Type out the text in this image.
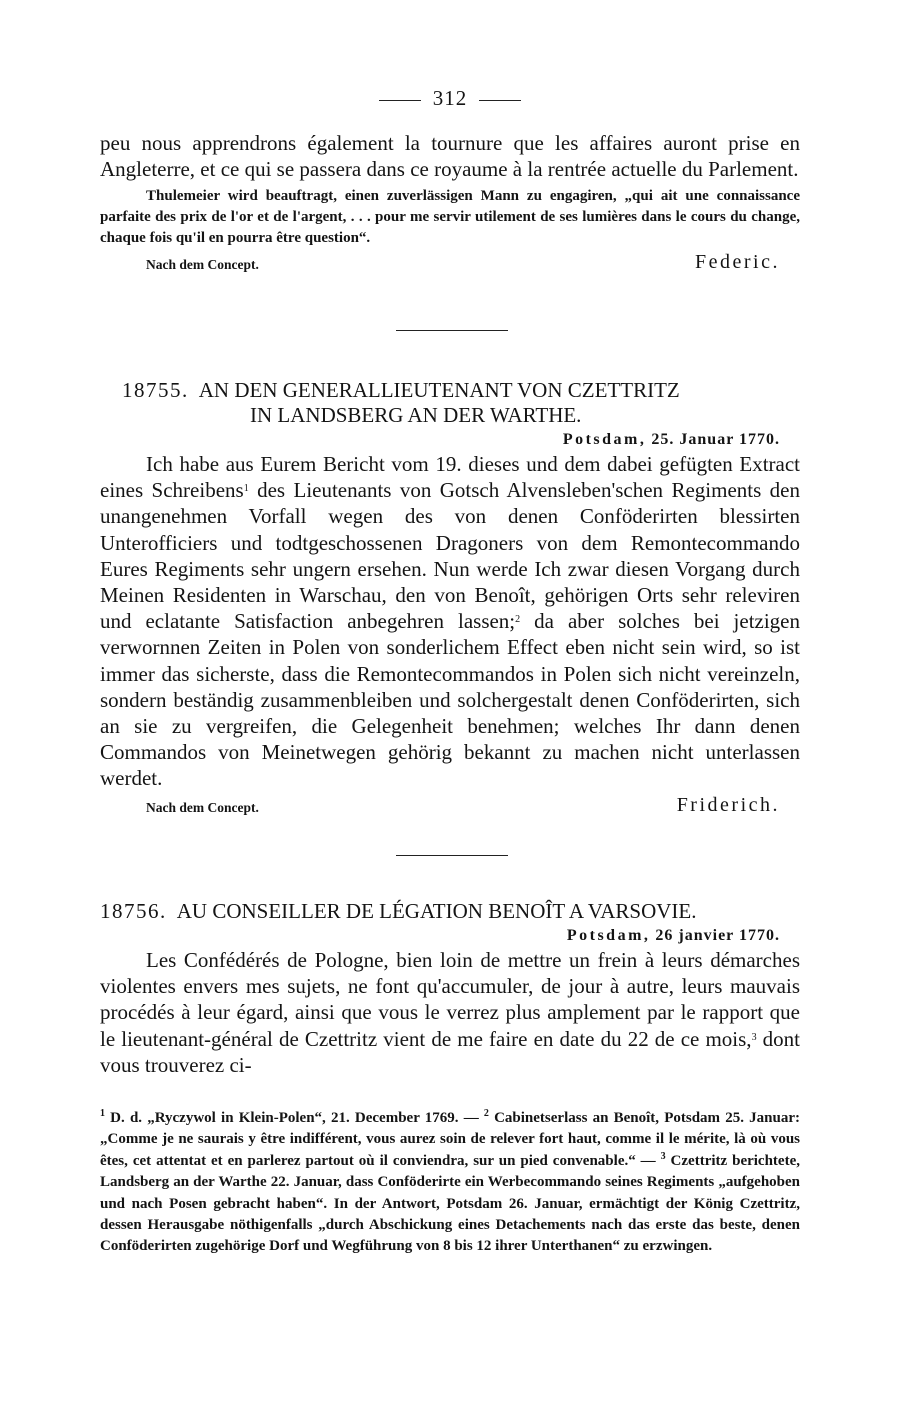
312

peu nous apprendrons également la tournure que les affaires auront prise en Angleterre, et ce qui se passera dans ce royaume à la rentrée actuelle du Parlement.

Thulemeier wird beauftragt, einen zuverlässigen Mann zu engagiren, „qui ait une connaissance parfaite des prix de l'or et de l'argent, . . . pour me servir utilement de ses lumières dans le cours du change, chaque fois qu'il en pourra être question“.

Nach dem Concept.	Federic.

18755. AN DEN GENERALLIEUTENANT VON CZETTRITZ

IN LANDSBERG AN DER WARTHE.

Potsdam, 25. Januar 1770.

Ich habe aus Eurem Bericht vom 19. dieses und dem dabei gefügten Extract eines Schreibens$^1$ des Lieutenants von Gotsch Alvensleben'schen Regiments den unangenehmen Vorfall wegen des von denen Conföderirten blessirten Unterofficiers und todtgeschossenen Dragoners von dem Remontecommando Eures Regiments sehr ungern ersehen. Nun werde Ich zwar diesen Vorgang durch Meinen Residenten in Warschau, den von Benoît, gehörigen Orts sehr releviren und eclatante Satisfaction anbegehren lassen;$^2$ da aber solches bei jetzigen verwornnen Zeiten in Polen von sonderlichem Effect eben nicht sein wird, so ist immer das sicherste, dass die Remontecommandos in Polen sich nicht vereinzeln, sondern beständig zusammenbleiben und solchergestalt denen Conföderirten, sich an sie zu vergreifen, die Gelegenheit benehmen; welches Ihr dann denen Commandos von Meinetwegen gehörig bekannt zu machen nicht unterlassen werdet.

Nach dem Concept.	Friderich.

18756. AU CONSEILLER DE LÉGATION BENOÎT A VARSOVIE.

Potsdam, 26 janvier 1770.

Les Confédérés de Pologne, bien loin de mettre un frein à leurs démarches violentes envers mes sujets, ne font qu'accumuler, de jour à autre, leurs mauvais procédés à leur égard, ainsi que vous le verrez plus amplement par le rapport que le lieutenant-général de Czettritz vient de me faire en date du 22 de ce mois,$^3$ dont vous trouverez ci-

$^1$ D. d. „Ryczywol in Klein-Polen“, 21. December 1769. — $^2$ Cabinetserlass an Benoît, Potsdam 25. Januar: „Comme je ne saurais y être indifférent, vous aurez soin de relever fort haut, comme il le mérite, là où vous êtes, cet attentat et en parlerez partout où il conviendra, sur un pied convenable.“ — $^3$ Czettritz berichtete, Landsberg an der Warthe 22. Januar, dass Conföderirte ein Werbecommando seines Regiments „aufgehoben und nach Posen gebracht haben“. In der Antwort, Potsdam 26. Januar, ermächtigt der König Czettritz, dessen Herausgabe nöthigenfalls „durch Abschickung eines Detachements nach das erste das beste, denen Conföderirten zugehörige Dorf und Wegführung von 8 bis 12 ihrer Unterthanen“ zu erzwingen.
